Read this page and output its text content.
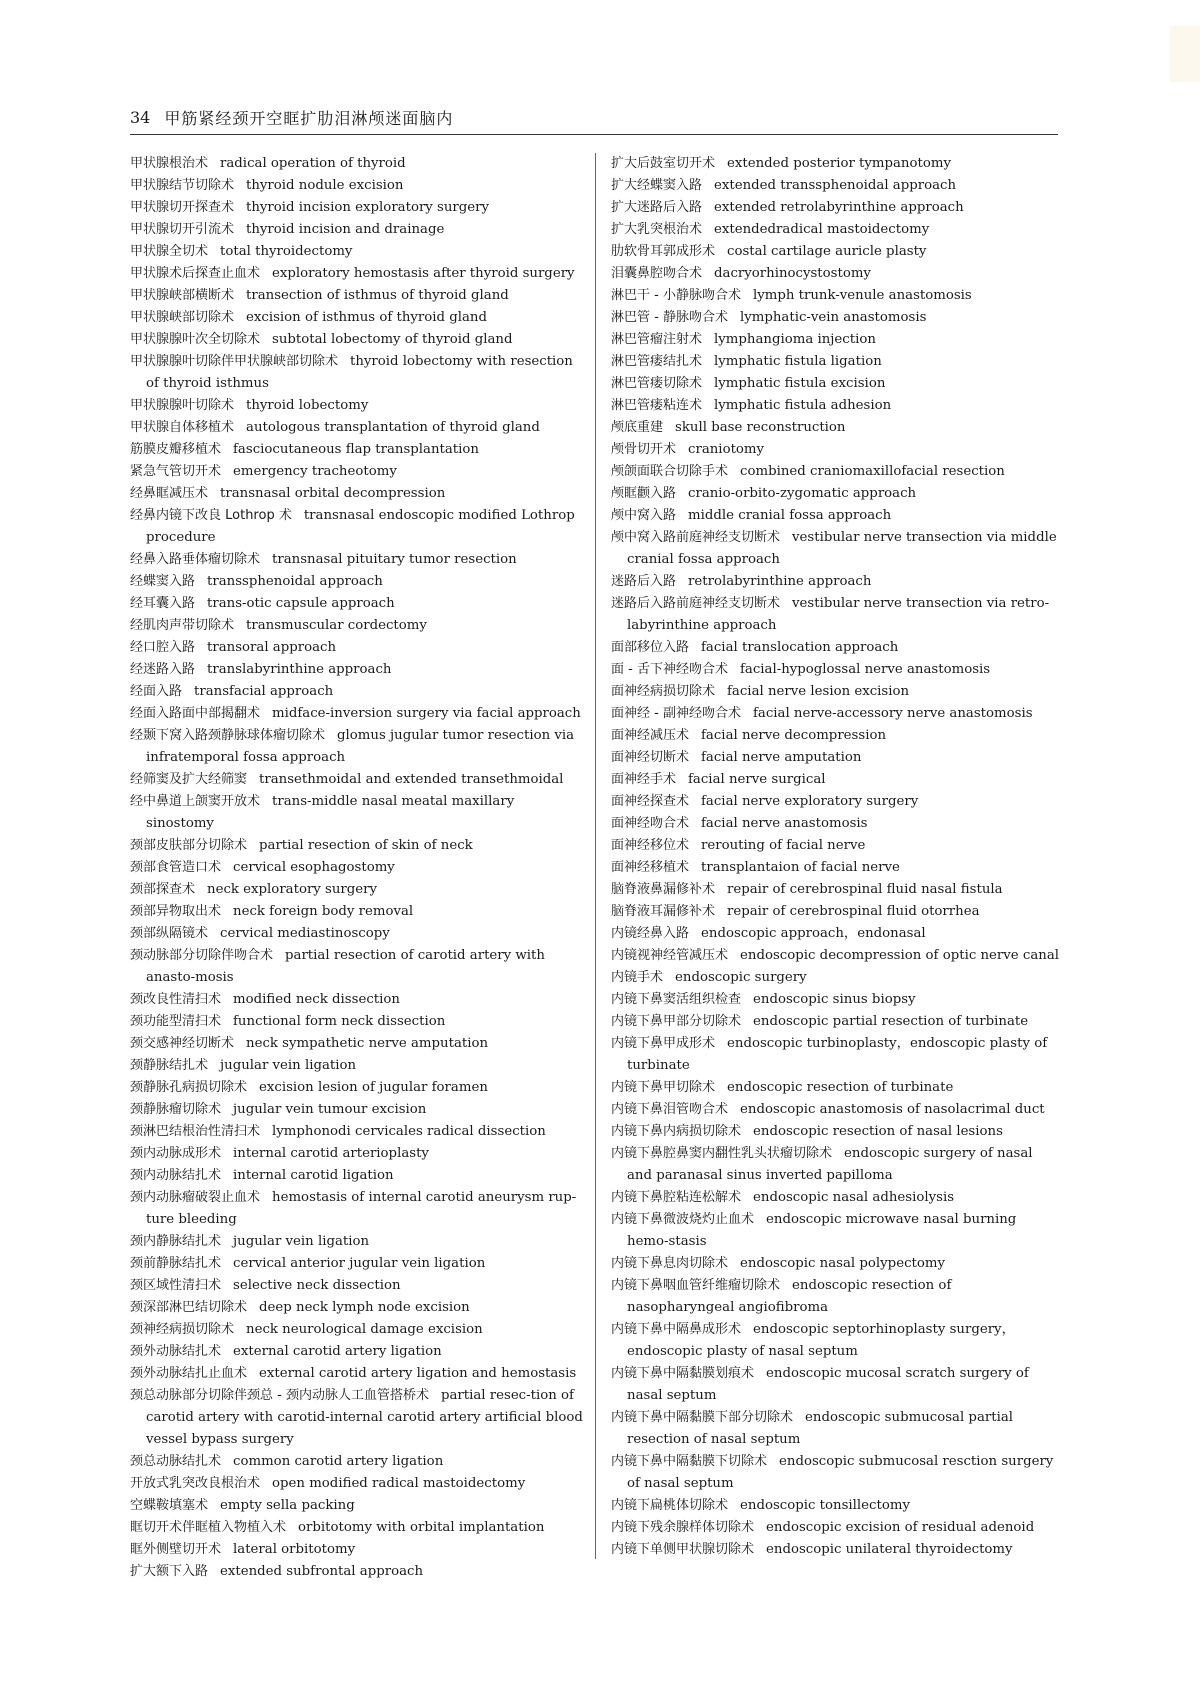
34 甲筋紧经颈开空眶扩肋泪淋颅迷面脑内

甲状腺根治术 radical operation of thyroid

甲状腺结节切除术 thyroid nodule excision

甲状腺切开探查术 thyroid incision exploratory surgery

甲状腺切开引流术 thyroid incision and drainage

甲状腺全切术 total thyroidectomy

甲状腺术后探查止血术 exploratory hemostasis after thyroid surgery

甲状腺峡部横断术 transection of isthmus of thyroid gland

甲状腺峡部切除术 excision of isthmus of thyroid gland

甲状腺腺叶次全切除术 subtotal lobectomy of thyroid gland

甲状腺腺叶切除伴甲状腺峡部切除术 thyroid lobectomy with resection of thyroid isthmus

甲状腺腺叶切除术 thyroid lobectomy

甲状腺自体移植术 autologous transplantation of thyroid gland

筋膜皮瓣移植术 fasciocutaneous flap transplantation

紧急气管切开术 emergency tracheotomy

经鼻眶减压术 transnasal orbital decompression

经鼻内镜下改良 Lothrop 术 transnasal endoscopic modified Lothrop procedure

经鼻入路垂体瘤切除术 transnasal pituitary tumor resection

经蝶窦入路 transsphenoidal approach

经耳囊入路 trans-otic capsule approach

经肌肉声带切除术 transmuscular cordectomy

经口腔入路 transoral approach

经迷路入路 translabyrinthine approach

经面入路 transfacial approach

经面入路面中部揭翻术 midface-inversion surgery via facial approach

经颞下窝入路颈静脉球体瘤切除术 glomus jugular tumor resection via infratemporal fossa approach

经筛窦及扩大经筛窦 transethmoidal and extended transethmoidal

经中鼻道上颌窦开放术 trans-middle nasal meatal maxillary sinostomy

颈部皮肤部分切除术 partial resection of skin of neck

颈部食管造口术 cervical esophagostomy

颈部探查术 neck exploratory surgery

颈部异物取出术 neck foreign body removal

颈部纵隔镜术 cervical mediastinoscopy

颈动脉部分切除伴吻合术 partial resection of carotid artery with anasto-mosis

颈改良性清扫术 modified neck dissection

颈功能型清扫术 functional form neck dissection

颈交感神经切断术 neck sympathetic nerve amputation

颈静脉结扎术 jugular vein ligation

颈静脉孔病损切除术 excision lesion of jugular foramen

颈静脉瘤切除术 jugular vein tumour excision

颈淋巴结根治性清扫术 lymphonodi cervicales radical dissection

颈内动脉成形术 internal carotid arterioplasty

颈内动脉结扎术 internal carotid ligation

颈内动脉瘤破裂止血术 hemostasis of internal carotid aneurysm rup-ture bleeding

颈内静脉结扎术 jugular vein ligation

颈前静脉结扎术 cervical anterior jugular vein ligation

颈区域性清扫术 selective neck dissection

颈深部淋巴结切除术 deep neck lymph node excision

颈神经病损切除术 neck neurological damage excision

颈外动脉结扎术 external carotid artery ligation

颈外动脉结扎止血术 external carotid artery ligation and hemostasis

颈总动脉部分切除伴颈总 - 颈内动脉人工血管搭桥术 partial resec-tion of carotid artery with carotid-internal carotid artery artificial blood vessel bypass surgery

颈总动脉结扎术 common carotid artery ligation

开放式乳突改良根治术 open modified radical mastoidectomy

空蝶鞍填塞术 empty sella packing

眶切开术伴眶植入物植入术 orbitotomy with orbital implantation

眶外侧壁切开术 lateral orbitotomy

扩大额下入路 extended subfrontal approach

扩大后鼓室切开术 extended posterior tympanotomy

扩大经蝶窦入路 extended transsphenoidal approach

扩大迷路后入路 extended retrolabyrinthine approach

扩大乳突根治术 extendedradical mastoidectomy

肋软骨耳郭成形术 costal cartilage auricle plasty

泪囊鼻腔吻合术 dacryorhinocystostomy

淋巴干 - 小静脉吻合术 lymph trunk-venule anastomosis

淋巴管 - 静脉吻合术 lymphatic-vein anastomosis

淋巴管瘤注射术 lymphangioma injection

淋巴管瘘结扎术 lymphatic fistula ligation

淋巴管瘘切除术 lymphatic fistula excision

淋巴管瘘粘连术 lymphatic fistula adhesion

颅底重建 skull base reconstruction

颅骨切开术 craniotomy

颅颌面联合切除手术 combined craniomaxillofacial resection

颅眶颧入路 cranio-orbito-zygomatic approach

颅中窝入路 middle cranial fossa approach

颅中窝入路前庭神经支切断术 vestibular nerve transection via middle cranial fossa approach

迷路后入路 retrolabyrinthine approach

迷路后入路前庭神经支切断术 vestibular nerve transection via retro-labyrinthine approach

面部移位入路 facial translocation approach

面 - 舌下神经吻合术 facial-hypoglossal nerve anastomosis

面神经病损切除术 facial nerve lesion excision

面神经 - 副神经吻合术 facial nerve-accessory nerve anastomosis

面神经减压术 facial nerve decompression

面神经切断术 facial nerve amputation

面神经手术 facial nerve surgical

面神经探查术 facial nerve exploratory surgery

面神经吻合术 facial nerve anastomosis

面神经移位术 rerouting of facial nerve

面神经移植术 transplantaion of facial nerve

脑脊液鼻漏修补术 repair of cerebrospinal fluid nasal fistula

脑脊液耳漏修补术 repair of cerebrospinal fluid otorrhea

内镜经鼻入路 endoscopic approach，endonasal

内镜视神经管减压术 endoscopic decompression of optic nerve canal

内镜手术 endoscopic surgery

内镜下鼻窦活组织检查 endoscopic sinus biopsy

内镜下鼻甲部分切除术 endoscopic partial resection of turbinate

内镜下鼻甲成形术 endoscopic turbinoplasty，endoscopic plasty of turbinate

内镜下鼻甲切除术 endoscopic resection of turbinate

内镜下鼻泪管吻合术 endoscopic anastomosis of nasolacrimal duct

内镜下鼻内病损切除术 endoscopic resection of nasal lesions

内镜下鼻腔鼻窦内翻性乳头状瘤切除术 endoscopic surgery of nasal and paranasal sinus inverted papilloma

内镜下鼻腔粘连松解术 endoscopic nasal adhesiolysis

内镜下鼻微波烧灼止血术 endoscopic microwave nasal burning hemo-stasis

内镜下鼻息肉切除术 endoscopic nasal polypectomy

内镜下鼻咽血管纤维瘤切除术 endoscopic resection of nasopharyngeal angiofibroma

内镜下鼻中隔鼻成形术 endoscopic septorhinoplasty surgery，endoscopic plasty of nasal septum

内镜下鼻中隔黏膜划痕术 endoscopic mucosal scratch surgery of nasal septum

内镜下鼻中隔黏膜下部分切除术 endoscopic submucosal partial resection of nasal septum

内镜下鼻中隔黏膜下切除术 endoscopic submucosal resction surgery of nasal septum

内镜下扁桃体切除术 endoscopic tonsillectomy

内镜下残余腺样体切除术 endoscopic excision of residual adenoid

内镜下单侧甲状腺切除术 endoscopic unilateral thyroidectomy
